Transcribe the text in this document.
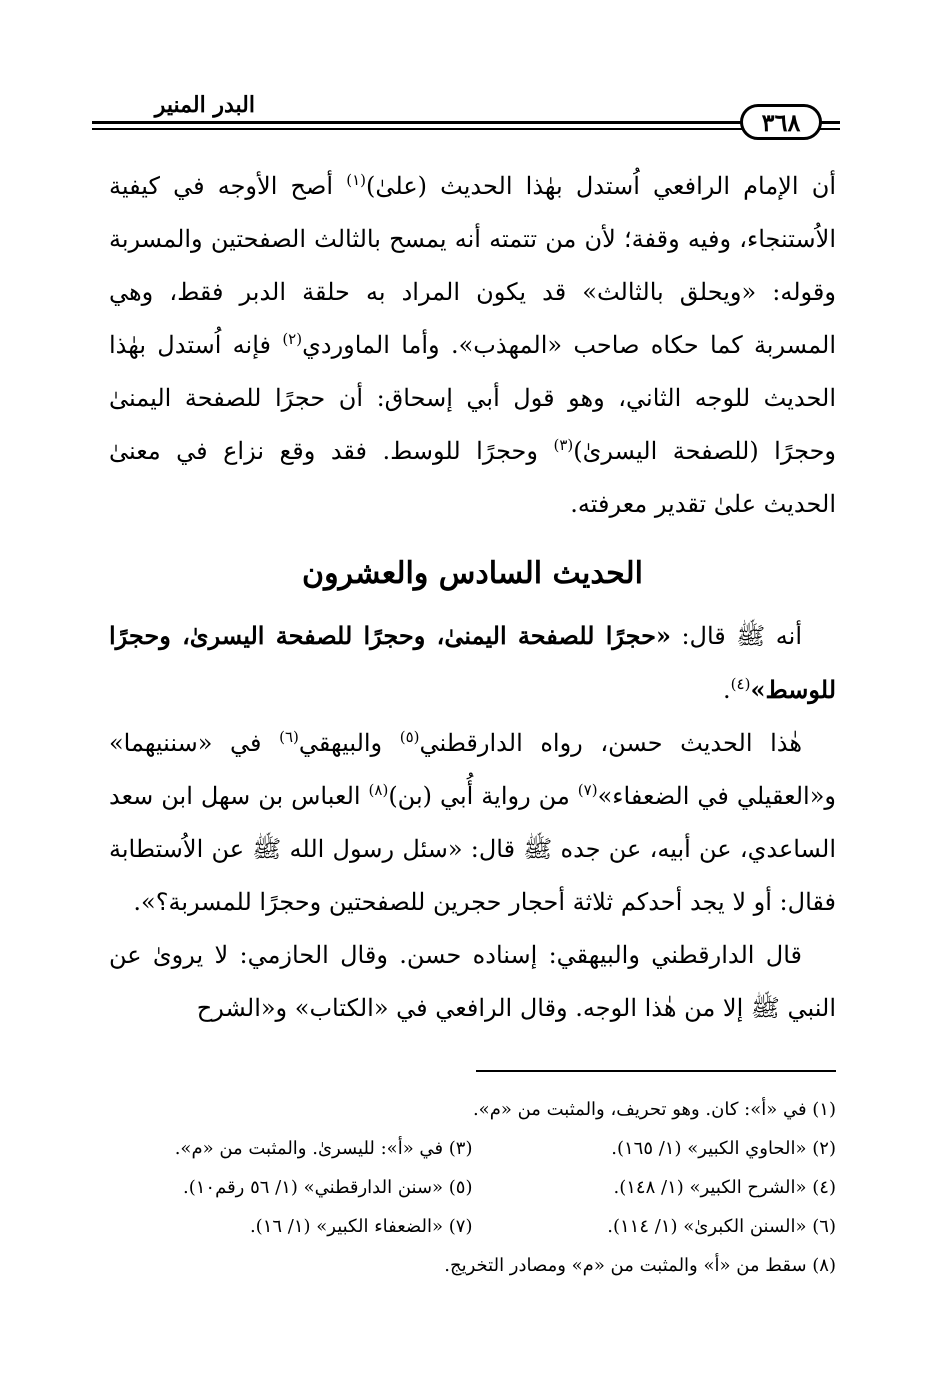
البدر المنير
٣٦٨

أن الإمام الرافعي اُستدل بهٰذا الحديث (علىٰ)$^{(١)}$ أصح الأوجه في كيفية الاُستنجاء، وفيه وقفة؛ لأن من تتمته أنه يمسح بالثالث الصفحتين والمسربة وقوله: «ويحلق بالثالث» قد يكون المراد به حلقة الدبر فقط، وهي المسربة كما حكاه صاحب «المهذب». وأما الماوردي$^{(٢)}$ فإنه اُستدل بهٰذا الحديث للوجه الثاني، وهو قول أبي إسحاق: أن حجرًا للصفحة اليمنىٰ وحجرًا (للصفحة اليسرىٰ)$^{(٣)}$ وحجرًا للوسط. فقد وقع نزاع في معنىٰ الحديث علىٰ تقدير معرفته.

الحديث السادس والعشرون

أنه ﷺ قال: «حجرًا للصفحة اليمنىٰ، وحجرًا للصفحة اليسرىٰ، وحجرًا للوسط»$^{(٤)}$.

هٰذا الحديث حسن، رواه الدارقطني$^{(٥)}$ والبيهقي$^{(٦)}$ في «سننيهما» و«العقيلي في الضعفاء»$^{(٧)}$ من رواية أُبي (بن)$^{(٨)}$ العباس بن سهل ابن سعد الساعدي، عن أبيه، عن جده ﷺ قال: «سئل رسول الله ﷺ عن الاُستطابة فقال: أو لا يجد أحدكم ثلاثة أحجار حجرين للصفحتين وحجرًا للمسربة؟».

قال الدارقطني والبيهقي: إسناده حسن. وقال الحازمي: لا يروىٰ عن النبي ﷺ إلا من هٰذا الوجه. وقال الرافعي في «الكتاب» و«الشرح

(١) في «أ»: كان. وهو تحريف، والمثبت من «م».
(٢) «الحاوي الكبير» (١/ ١٦٥).
(٣) في «أ»: لليسرىٰ. والمثبت من «م».
(٤) «الشرح الكبير» (١/ ١٤٨).
(٥) «سنن الدارقطني» (١/ ٥٦ رقم١٠).
(٦) «السنن الكبرىٰ» (١/ ١١٤).
(٧) «الضعفاء الكبير» (١/ ١٦).
(٨) سقط من «أ» والمثبت من «م» ومصادر التخريج.
